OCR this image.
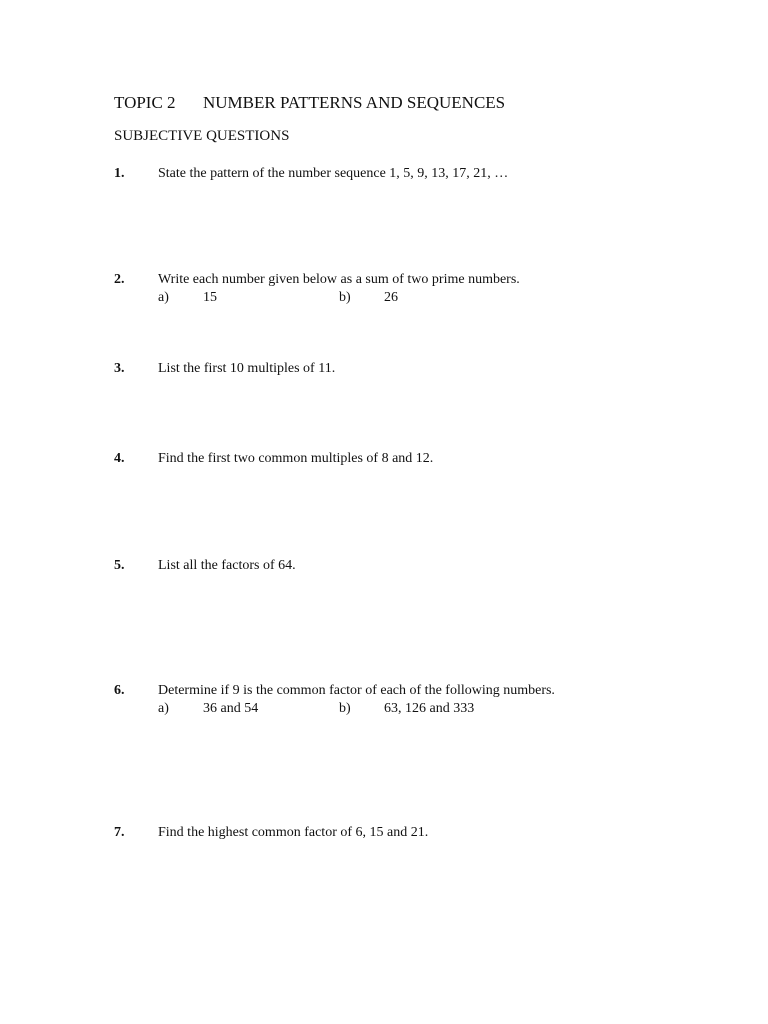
TOPIC 2 NUMBER PATTERNS AND SEQUENCES
SUBJECTIVE QUESTIONS
1. State the pattern of the number sequence 1, 5, 9, 13, 17, 21, …
2. Write each number given below as a sum of two prime numbers.
a) 15	b) 26
3. List the first 10 multiples of 11.
4. Find the first two common multiples of 8 and 12.
5. List all the factors of 64.
6. Determine if 9 is the common factor of each of the following numbers.
a) 36 and 54	b) 63, 126 and 333
7. Find the highest common factor of 6, 15 and 21.
